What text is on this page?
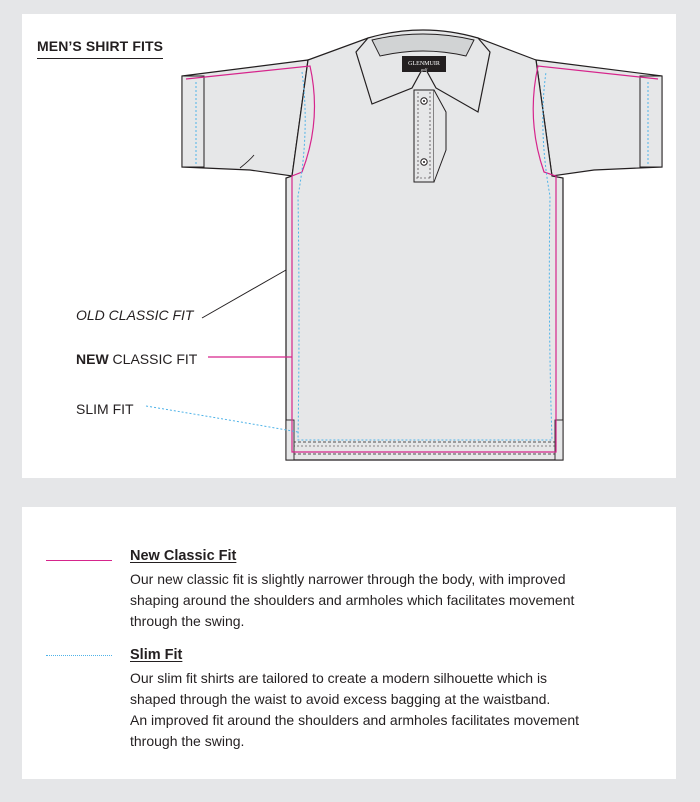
MEN’S SHIRT FITS
GLENMUIR
golf
OLD CLASSIC FIT
NEW CLASSIC FIT
SLIM FIT
New Classic Fit
Our new classic fit is slightly narrower through the body, with improved
shaping around the shoulders and armholes which facilitates movement
through the swing.
Slim Fit
Our slim fit shirts are tailored to create a modern silhouette which is
shaped through the waist to avoid excess bagging at the waistband.
An improved fit around the shoulders and armholes facilitates movement
through the swing.
